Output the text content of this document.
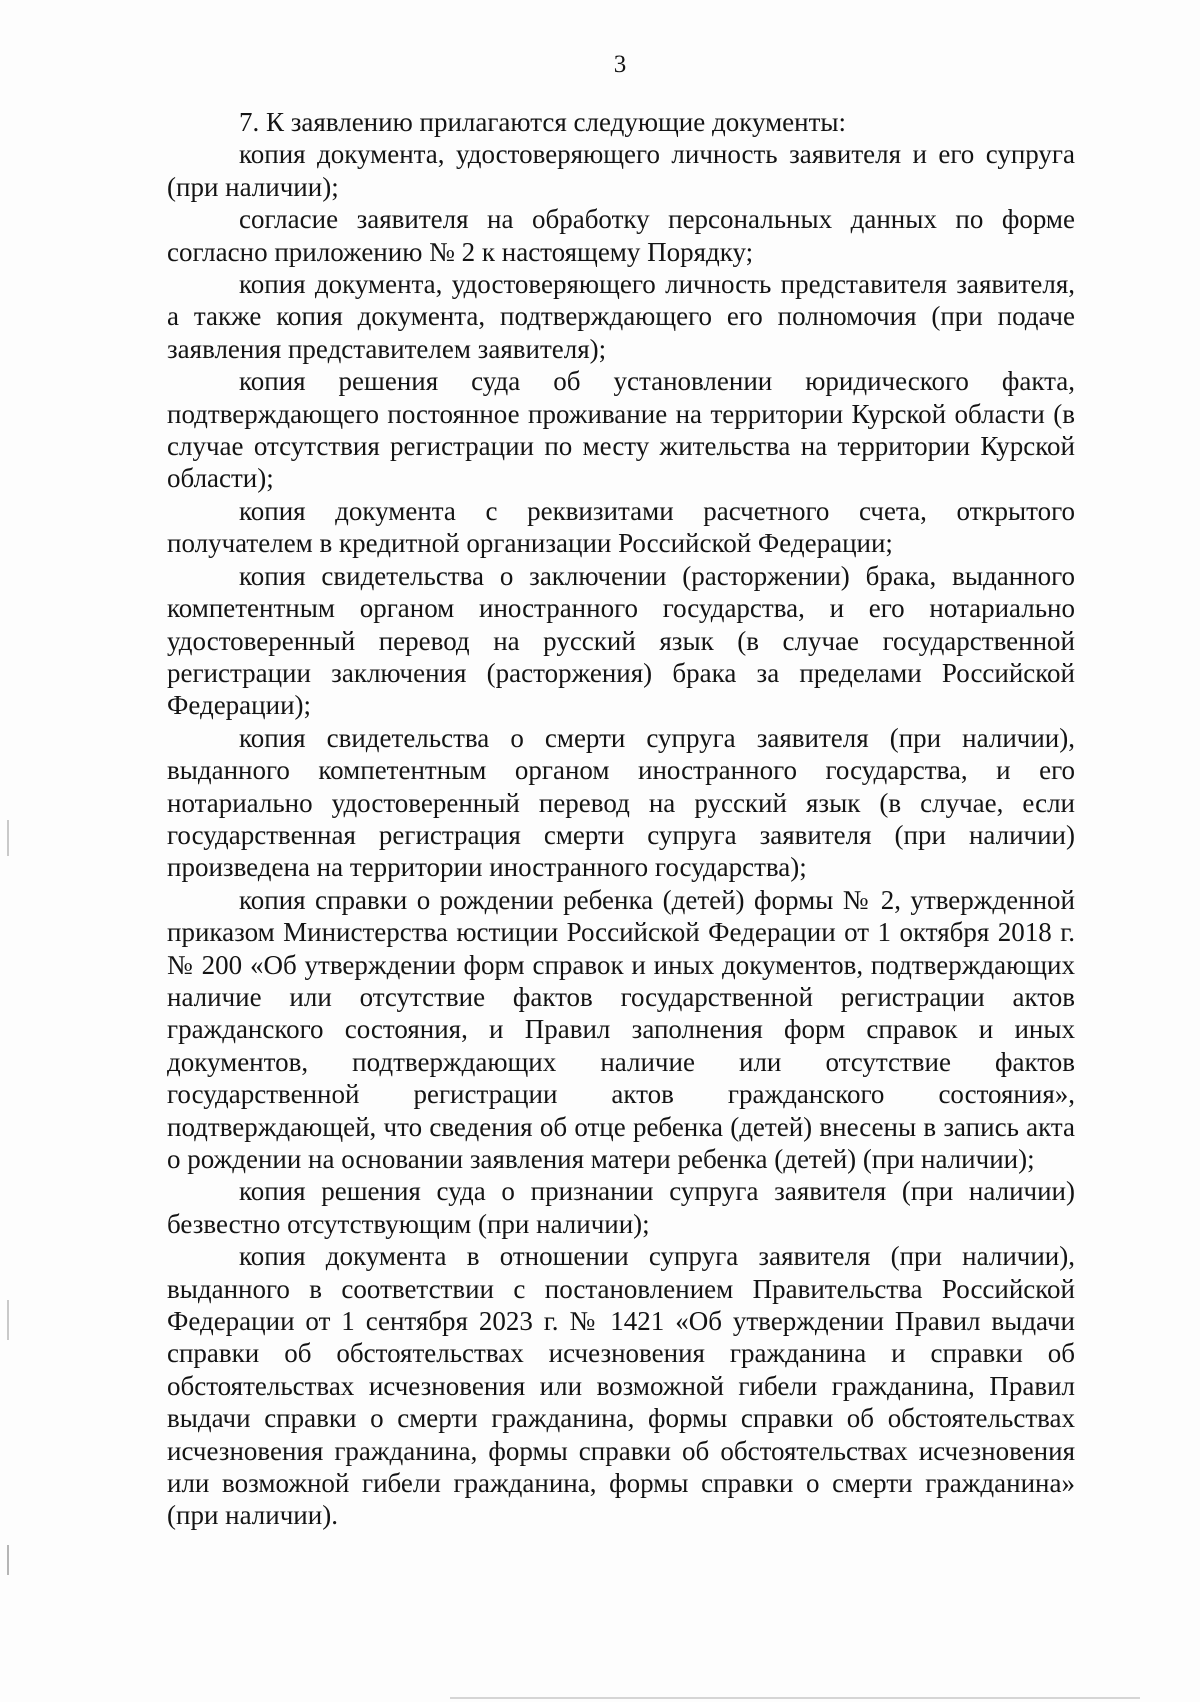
3

7. К заявлению прилагаются следующие документы:

копия документа, удостоверяющего личность заявителя и его супруга (при наличии);

согласие заявителя на обработку персональных данных по форме согласно приложению № 2 к настоящему Порядку;

копия документа, удостоверяющего личность представителя заявителя, а также копия документа, подтверждающего его полномочия (при подаче заявления представителем заявителя);

копия решения суда об установлении юридического факта, подтверждающего постоянное проживание на территории Курской области (в случае отсутствия регистрации по месту жительства на территории Курской области);

копия документа с реквизитами расчетного счета, открытого получателем в кредитной организации Российской Федерации;

копия свидетельства о заключении (расторжении) брака, выданного компетентным органом иностранного государства, и его нотариально удостоверенный перевод на русский язык (в случае государственной регистрации заключения (расторжения) брака за пределами Российской Федерации);

копия свидетельства о смерти супруга заявителя (при наличии), выданного компетентным органом иностранного государства, и его нотариально удостоверенный перевод на русский язык (в случае, если государственная регистрация смерти супруга заявителя (при наличии) произведена на территории иностранного государства);

копия справки о рождении ребенка (детей) формы № 2, утвержденной приказом Министерства юстиции Российской Федерации от 1 октября 2018 г. № 200 «Об утверждении форм справок и иных документов, подтверждающих наличие или отсутствие фактов государственной регистрации актов гражданского состояния, и Правил заполнения форм справок и иных документов, подтверждающих наличие или отсутствие фактов государственной регистрации актов гражданского состояния», подтверждающей, что сведения об отце ребенка (детей) внесены в запись акта о рождении на основании заявления матери ребенка (детей) (при наличии);

копия решения суда о признании супруга заявителя (при наличии) безвестно отсутствующим (при наличии);

копия документа в отношении супруга заявителя (при наличии), выданного в соответствии с постановлением Правительства Российской Федерации от 1 сентября 2023 г. № 1421 «Об утверждении Правил выдачи справки об обстоятельствах исчезновения гражданина и справки об обстоятельствах исчезновения или возможной гибели гражданина, Правил выдачи справки о смерти гражданина, формы справки об обстоятельствах исчезновения гражданина, формы справки об обстоятельствах исчезновения или возможной гибели гражданина, формы справки о смерти гражданина» (при наличии).
